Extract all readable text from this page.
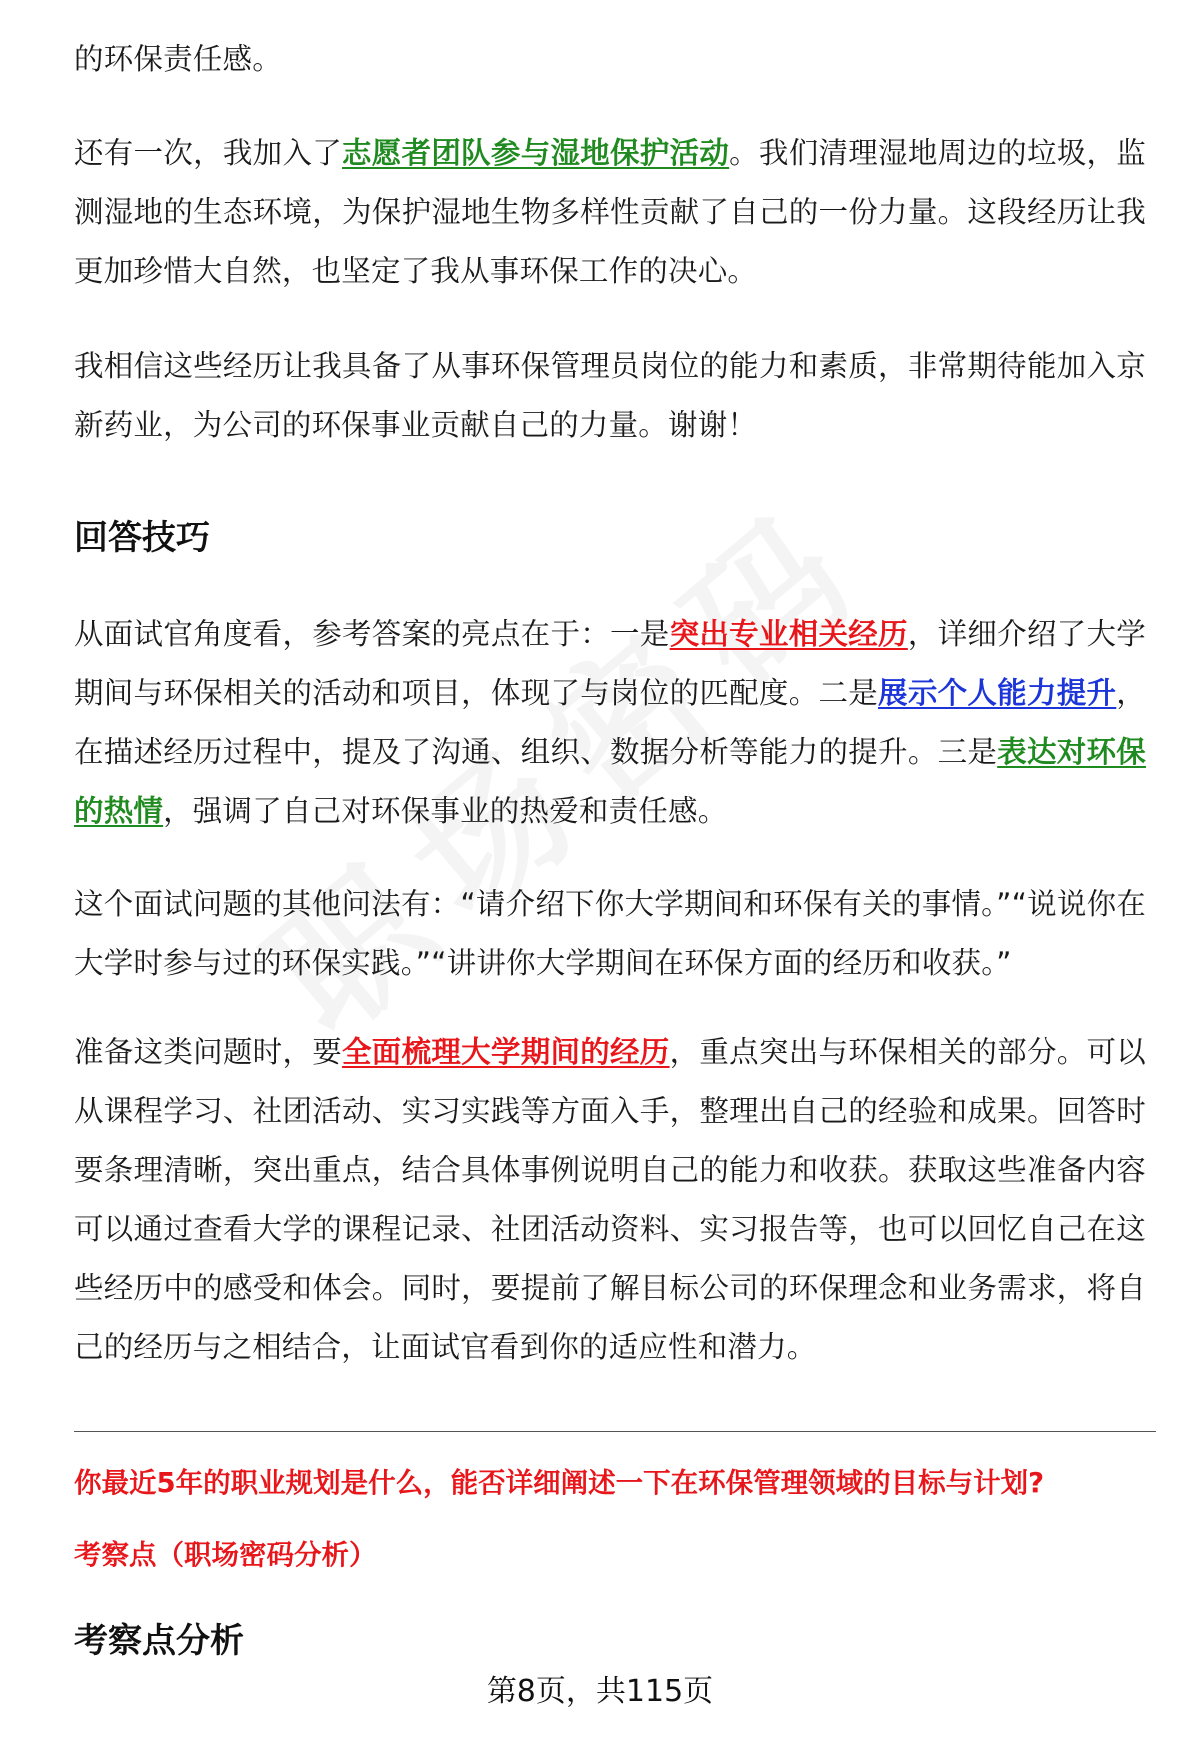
的环保责任感。

还有一次，我加入了志愿者团队参与湿地保护活动。我们清理湿地周边的垃圾，监测湿地的生态环境，为保护湿地生物多样性贡献了自己的一份力量。这段经历让我更加珍惜大自然，也坚定了我从事环保工作的决心。

我相信这些经历让我具备了从事环保管理员岗位的能力和素质，非常期待能加入京新药业，为公司的环保事业贡献自己的力量。谢谢！

回答技巧

从面试官角度看，参考答案的亮点在于：一是突出专业相关经历，详细介绍了大学期间与环保相关的活动和项目，体现了与岗位的匹配度。二是展示个人能力提升，在描述经历过程中，提及了沟通、组织、数据分析等能力的提升。三是表达对环保的热情，强调了自己对环保事业的热爱和责任感。

这个面试问题的其他问法有：“请介绍下你大学期间和环保有关的事情。”“说说你在大学时参与过的环保实践。”“讲讲你大学期间在环保方面的经历和收获。”

准备这类问题时，要全面梳理大学期间的经历，重点突出与环保相关的部分。可以从课程学习、社团活动、实习实践等方面入手，整理出自己的经验和成果。回答时要条理清晰，突出重点，结合具体事例说明自己的能力和收获。获取这些准备内容可以通过查看大学的课程记录、社团活动资料、实习报告等，也可以回忆自己在这些经历中的感受和体会。同时，要提前了解目标公司的环保理念和业务需求，将自己的经历与之相结合，让面试官看到你的适应性和潜力。

你最近5年的职业规划是什么，能否详细阐述一下在环保管理领域的目标与计划?

考察点（职场密码分析）

考察点分析
第8页，共115页
